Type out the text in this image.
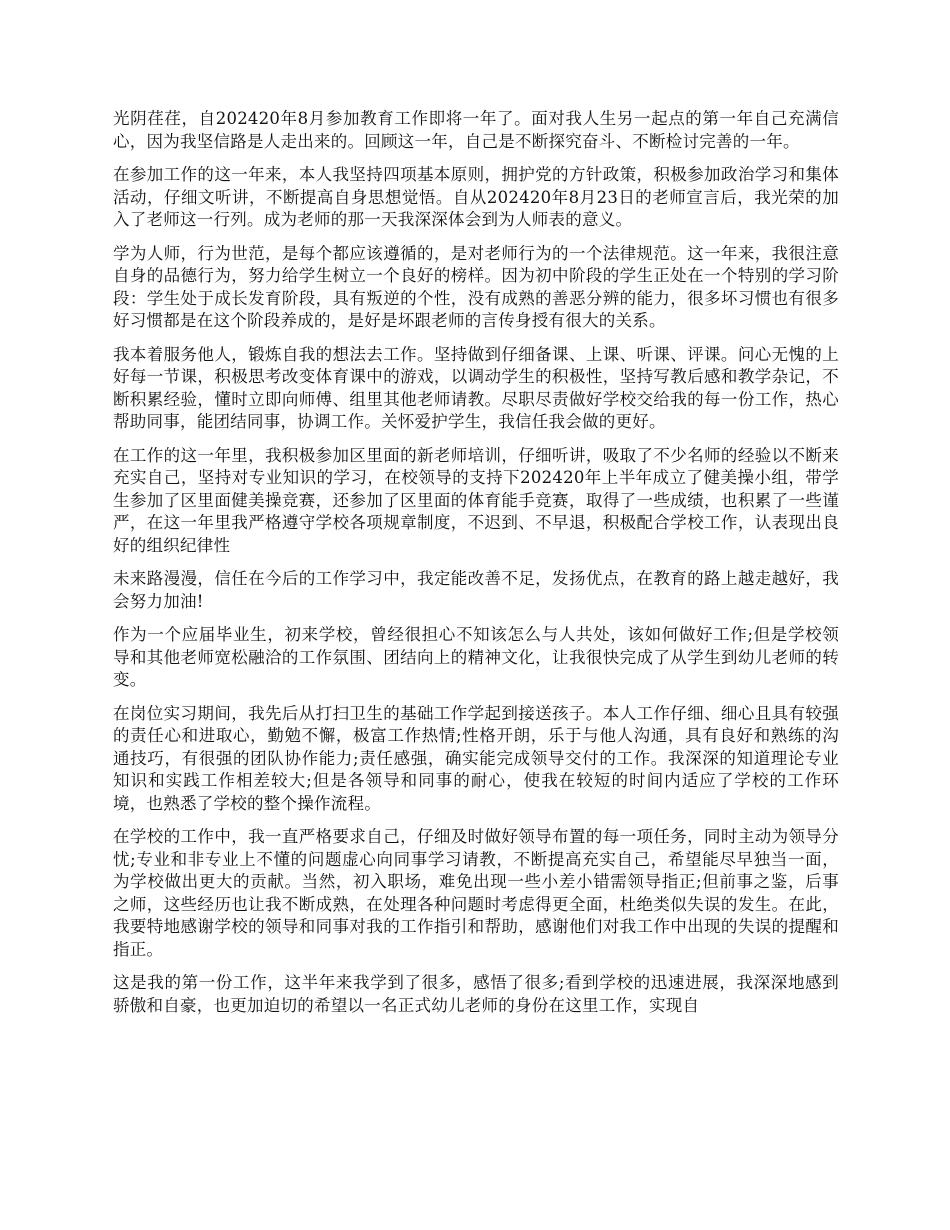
光阴荏荏，自202420年8月参加教育工作即将一年了。面对我人生另一起点的第一年自己充满信心，因为我坚信路是人走出来的。回顾这一年，自己是不断探究奋斗、不断检讨完善的一年。

在参加工作的这一年来，本人我坚持四项基本原则，拥护党的方针政策，积极参加政治学习和集体活动，仔细文听讲，不断提高自身思想觉悟。自从202420年8月23日的老师宣言后，我光荣的加入了老师这一行列。成为老师的那一天我深深体会到为人师表的意义。

学为人师，行为世范，是每个都应该遵循的，是对老师行为的一个法律规范。这一年来，我很注意自身的品德行为，努力给学生树立一个良好的榜样。因为初中阶段的学生正处在一个特别的学习阶段：学生处于成长发育阶段，具有叛逆的个性，没有成熟的善恶分辨的能力，很多坏习惯也有很多好习惯都是在这个阶段养成的，是好是坏跟老师的言传身授有很大的关系。

我本着服务他人，锻炼自我的想法去工作。坚持做到仔细备课、上课、听课、评课。问心无愧的上好每一节课，积极思考改变体育课中的游戏，以调动学生的积极性，坚持写教后感和教学杂记，不断积累经验，懂时立即向师傅、组里其他老师请教。尽职尽责做好学校交给我的每一份工作，热心帮助同事，能团结同事，协调工作。关怀爱护学生，我信任我会做的更好。

在工作的这一年里，我积极参加区里面的新老师培训，仔细听讲，吸取了不少名师的经验以不断来充实自己，坚持对专业知识的学习，在校领导的支持下202420年上半年成立了健美操小组，带学生参加了区里面健美操竞赛，还参加了区里面的体育能手竞赛，取得了一些成绩，也积累了一些谨严，在这一年里我严格遵守学校各项规章制度，不迟到、不早退，积极配合学校工作，认表现出良好的组织纪律性

未来路漫漫，信任在今后的工作学习中，我定能改善不足，发扬优点，在教育的路上越走越好，我会努力加油!

作为一个应届毕业生，初来学校，曾经很担心不知该怎么与人共处，该如何做好工作;但是学校领导和其他老师宽松融洽的工作氛围、团结向上的精神文化，让我很快完成了从学生到幼儿老师的转变。

在岗位实习期间，我先后从打扫卫生的基础工作学起到接送孩子。本人工作仔细、细心且具有较强的责任心和进取心，勤勉不懈，极富工作热情;性格开朗，乐于与他人沟通，具有良好和熟练的沟通技巧，有很强的团队协作能力;责任感强，确实能完成领导交付的工作。我深深的知道理论专业知识和实践工作相差较大;但是各领导和同事的耐心，使我在较短的时间内适应了学校的工作环境，也熟悉了学校的整个操作流程。

在学校的工作中，我一直严格要求自己，仔细及时做好领导布置的每一项任务，同时主动为领导分忧;专业和非专业上不懂的问题虚心向同事学习请教，不断提高充实自己，希望能尽早独当一面，为学校做出更大的贡献。当然，初入职场，难免出现一些小差小错需领导指正;但前事之鉴，后事之师，这些经历也让我不断成熟，在处理各种问题时考虑得更全面，杜绝类似失误的发生。在此，我要特地感谢学校的领导和同事对我的工作指引和帮助，感谢他们对我工作中出现的失误的提醒和指正。

这是我的第一份工作，这半年来我学到了很多，感悟了很多;看到学校的迅速进展，我深深地感到骄傲和自豪，也更加迫切的希望以一名正式幼儿老师的身份在这里工作，实现自
